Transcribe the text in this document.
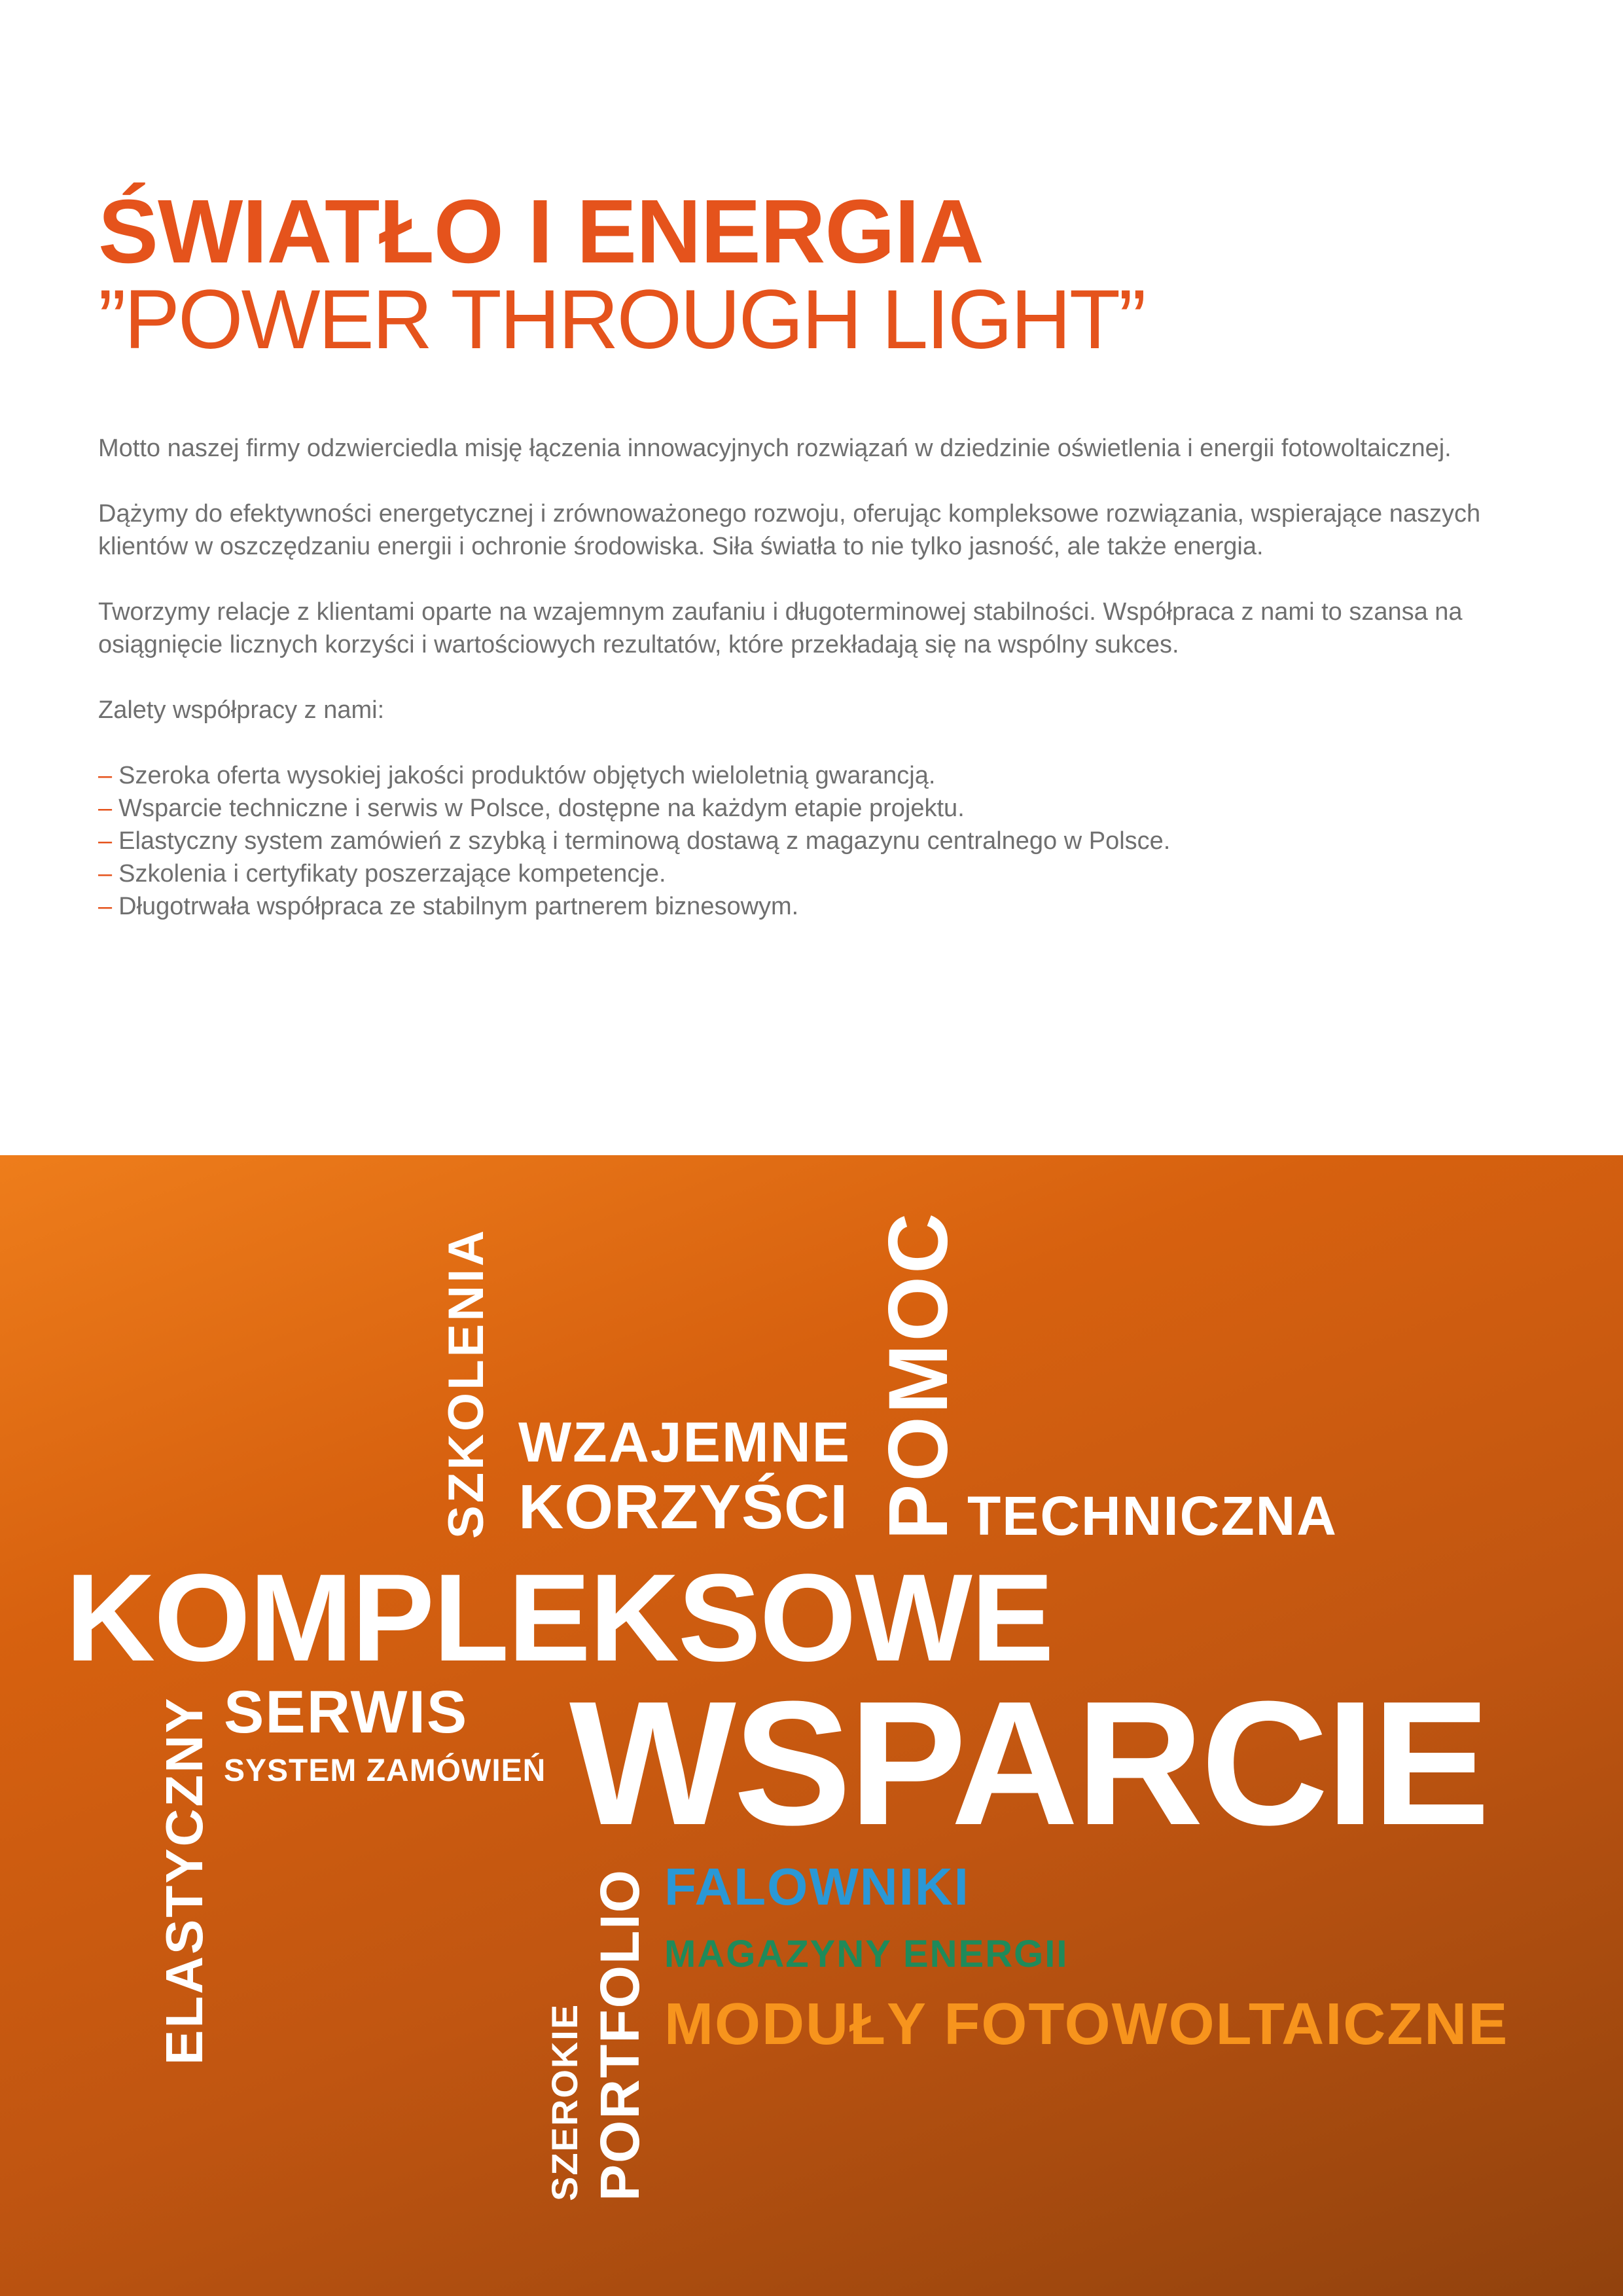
ŚWIATŁO I ENERGIA
”POWER THROUGH LIGHT”

Motto naszej firmy odzwierciedla misję łączenia innowacyjnych rozwiązań w dziedzinie oświetlenia i energii fotowoltaicznej.

Dążymy do efektywności energetycznej i zrównoważonego rozwoju, oferując kompleksowe rozwiązania, wspierające naszych klientów w oszczędzaniu energii i ochronie środowiska. Siła światła to nie tylko jasność, ale także energia.

Tworzymy relacje z klientami oparte na wzajemnym zaufaniu i długoterminowej stabilności. Współpraca z nami to szansa na osiągnięcie licznych korzyści i wartościowych rezultatów, które przekładają się na wspólny sukces.

Zalety współpracy z nami:

– Szeroka oferta wysokiej jakości produktów objętych wieloletnią gwarancją.
– Wsparcie techniczne i serwis w Polsce, dostępne na każdym etapie projektu.
– Elastyczny system zamówień z szybką i terminową dostawą z magazynu centralnego w Polsce.
– Szkolenia i certyfikaty poszerzające kompetencje.
– Długotrwała współpraca ze stabilnym partnerem biznesowym.
SZKOLENIA WZAJEMNE
KORZYŚCI POMOC TECHNICZNA
KOMPLEKSOWE
ELASTYCZNY SERWIS
SYSTEM ZAMÓWIEŃ WSPARCIE
SZEROKIE PORTFOLIO FALOWNIKI
MAGAZYNY ENERGII
MODUŁY FOTOWOLTAICZNE
